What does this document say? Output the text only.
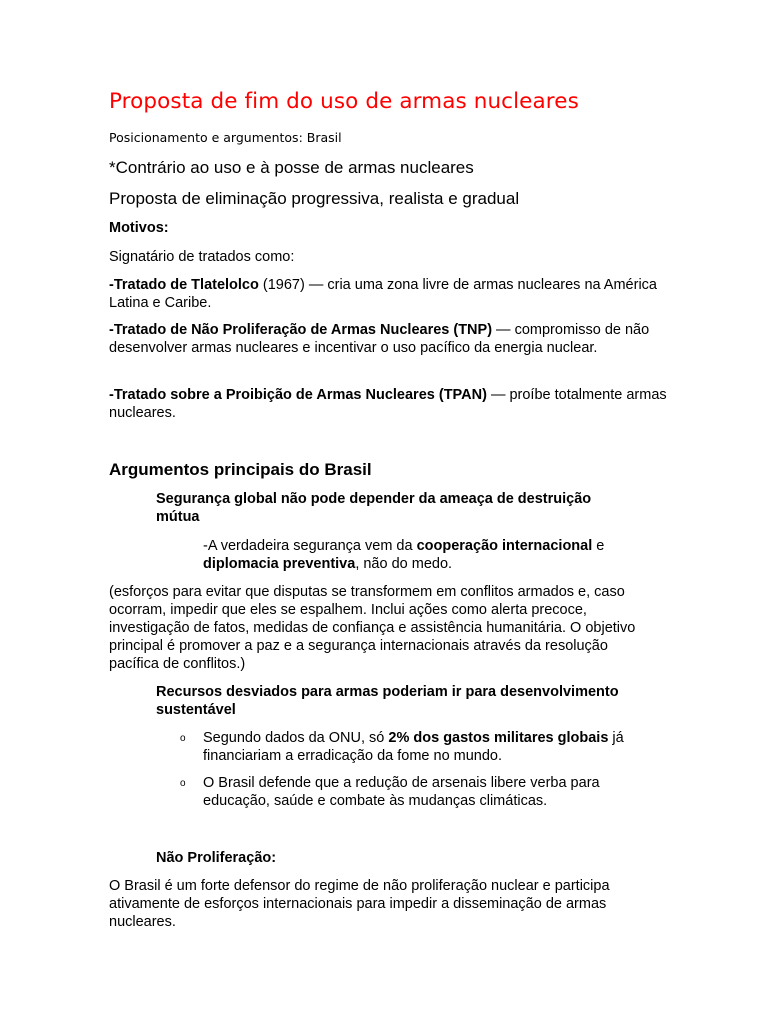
Proposta de fim do uso de armas nucleares

Posicionamento e argumentos: Brasil

*Contrário ao uso e à posse de armas nucleares

Proposta de eliminação progressiva, realista e gradual

Motivos:

Signatário de tratados como:

-Tratado de Tlatelolco (1967) — cria uma zona livre de armas nucleares na América Latina e Caribe.

-Tratado de Não Proliferação de Armas Nucleares (TNP) — compromisso de não desenvolver armas nucleares e incentivar o uso pacífico da energia nuclear.

-Tratado sobre a Proibição de Armas Nucleares (TPAN) — proíbe totalmente armas nucleares.

Argumentos principais do Brasil

Segurança global não pode depender da ameaça de destruição mútua

-A verdadeira segurança vem da cooperação internacional e diplomacia preventiva, não do medo.

(esforços para evitar que disputas se transformem em conflitos armados e, caso ocorram, impedir que eles se espalhem. Inclui ações como alerta precoce, investigação de fatos, medidas de confiança e assistência humanitária. O objetivo principal é promover a paz e a segurança internacionais através da resolução pacífica de conflitos.)

Recursos desviados para armas poderiam ir para desenvolvimento sustentável

o Segundo dados da ONU, só 2% dos gastos militares globais já financiariam a erradicação da fome no mundo.

o O Brasil defende que a redução de arsenais libere verba para educação, saúde e combate às mudanças climáticas.

Não Proliferação:

O Brasil é um forte defensor do regime de não proliferação nuclear e participa ativamente de esforços internacionais para impedir a disseminação de armas nucleares.
